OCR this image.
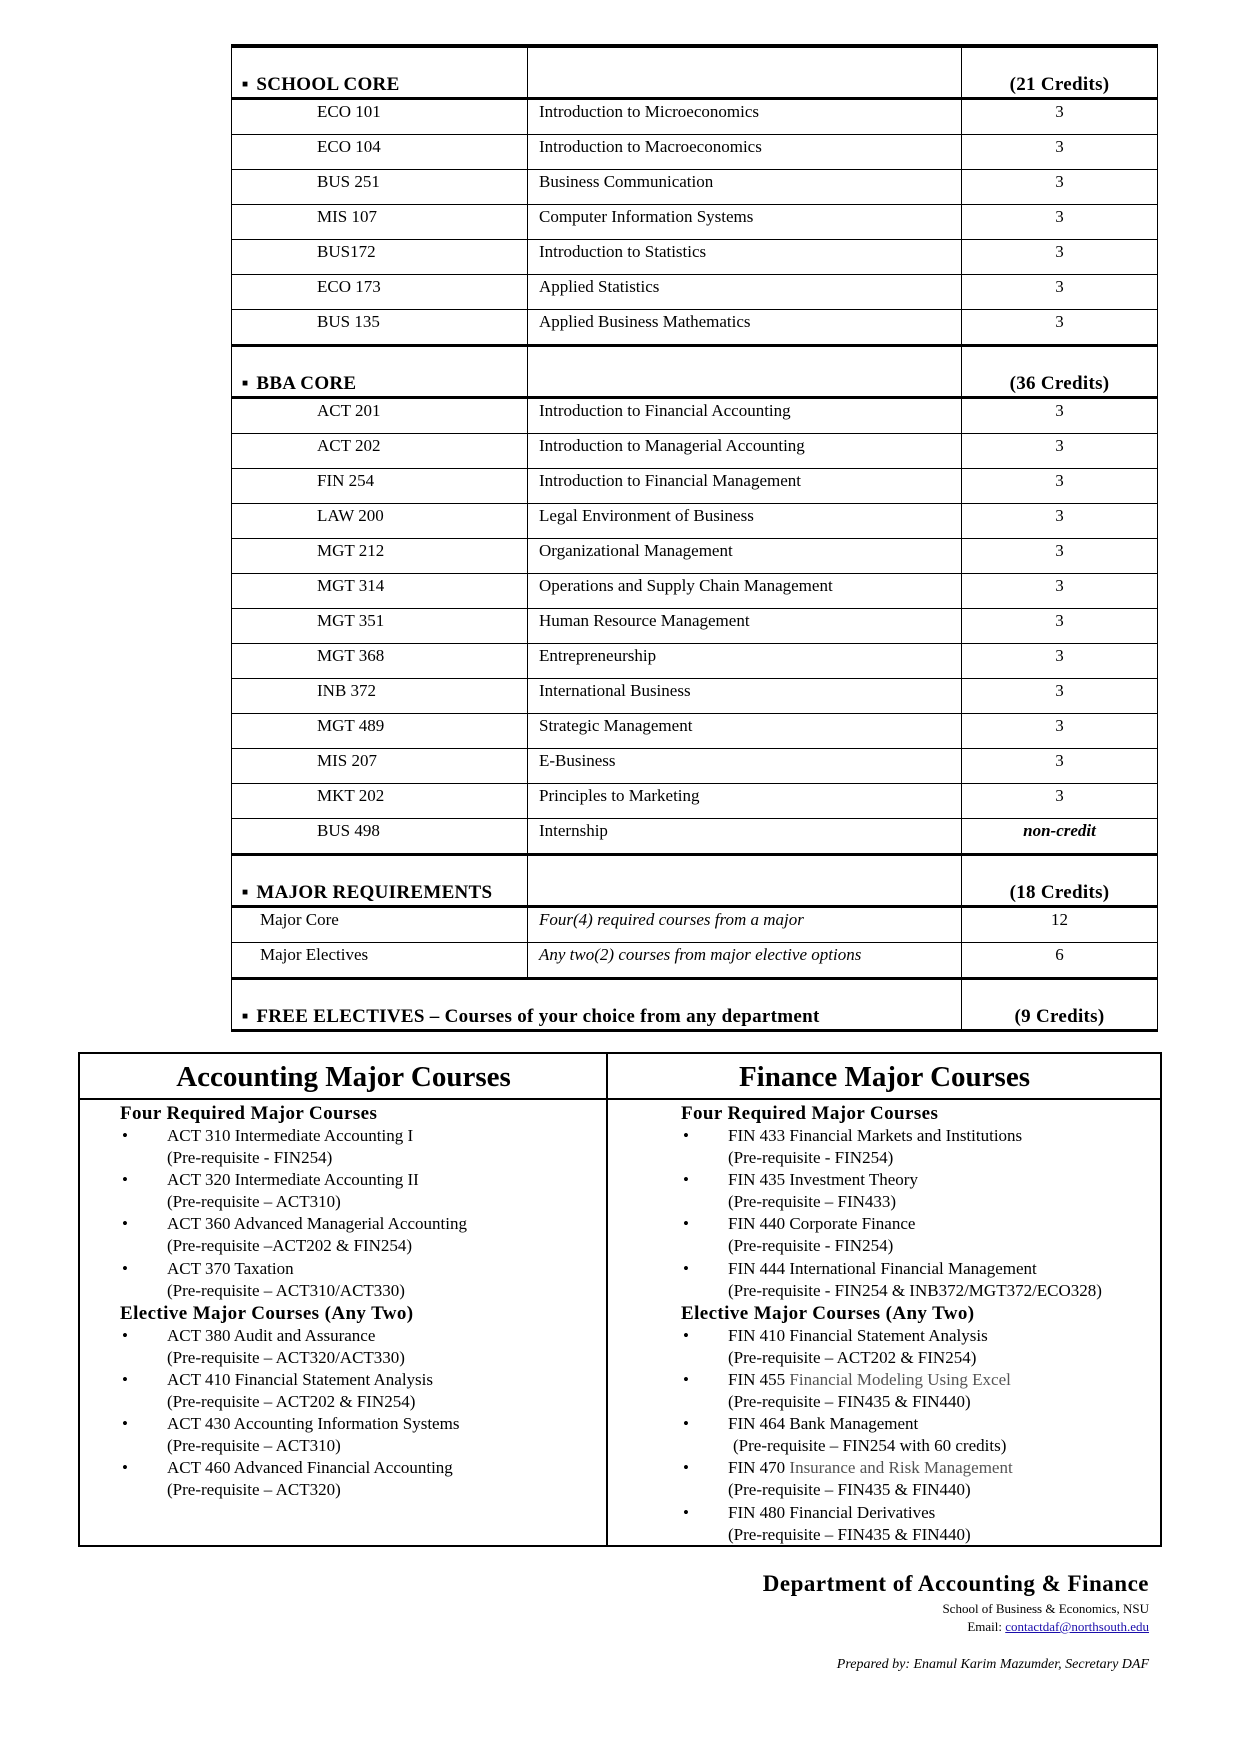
■ SCHOOL CORE		(21 Credits)
ECO 101	Introduction to Microeconomics	3
ECO 104	Introduction to Macroeconomics	3
BUS 251	Business Communication	3
MIS 107	Computer Information Systems	3
BUS172	Introduction to Statistics	3
ECO 173	Applied Statistics	3
BUS 135	Applied Business Mathematics	3
■ BBA CORE		(36 Credits)
ACT 201	Introduction to Financial Accounting	3
ACT 202	Introduction to Managerial Accounting	3
FIN 254	Introduction to Financial Management	3
LAW 200	Legal Environment of Business	3
MGT 212	Organizational Management	3
MGT 314	Operations and Supply Chain Management	3
MGT 351	Human Resource Management	3
MGT 368	Entrepreneurship	3
INB 372	International Business	3
MGT 489	Strategic Management	3
MIS 207	E-Business	3
MKT 202	Principles to Marketing	3
BUS 498	Internship	non-credit
■ MAJOR REQUIREMENTS		(18 Credits)
Major Core	Four(4) required courses from a major	12
Major Electives	Any two(2) courses from major elective options	6
■ FREE ELECTIVES – Courses of your choice from any department		(9 Credits)
Accounting Major Courses	Finance Major Courses
Four Required Major Courses
• ACT 310 Intermediate Accounting I
(Pre-requisite - FIN254)
• ACT 320 Intermediate Accounting II
(Pre-requisite – ACT310)
• ACT 360 Advanced Managerial Accounting
(Pre-requisite –ACT202 & FIN254)
• ACT 370 Taxation
(Pre-requisite – ACT310/ACT330)
Elective Major Courses (Any Two)
• ACT 380 Audit and Assurance
(Pre-requisite – ACT320/ACT330)
• ACT 410 Financial Statement Analysis
(Pre-requisite – ACT202 & FIN254)
• ACT 430 Accounting Information Systems
(Pre-requisite – ACT310)
• ACT 460 Advanced Financial Accounting
(Pre-requisite – ACT320)
Four Required Major Courses
• FIN 433 Financial Markets and Institutions
(Pre-requisite - FIN254)
• FIN 435 Investment Theory
(Pre-requisite – FIN433)
• FIN 440 Corporate Finance
(Pre-requisite - FIN254)
• FIN 444 International Financial Management
(Pre-requisite - FIN254 & INB372/MGT372/ECO328)
Elective Major Courses (Any Two)
• FIN 410 Financial Statement Analysis
(Pre-requisite – ACT202 & FIN254)
• FIN 455 Financial Modeling Using Excel
(Pre-requisite – FIN435 & FIN440)
• FIN 464 Bank Management
(Pre-requisite – FIN254 with 60 credits)
• FIN 470 Insurance and Risk Management
(Pre-requisite – FIN435 & FIN440)
• FIN 480 Financial Derivatives
(Pre-requisite – FIN435 & FIN440)
Department of Accounting & Finance
School of Business & Economics, NSU
Email: contactdaf@northsouth.edu
Prepared by: Enamul Karim Mazumder, Secretary DAF
